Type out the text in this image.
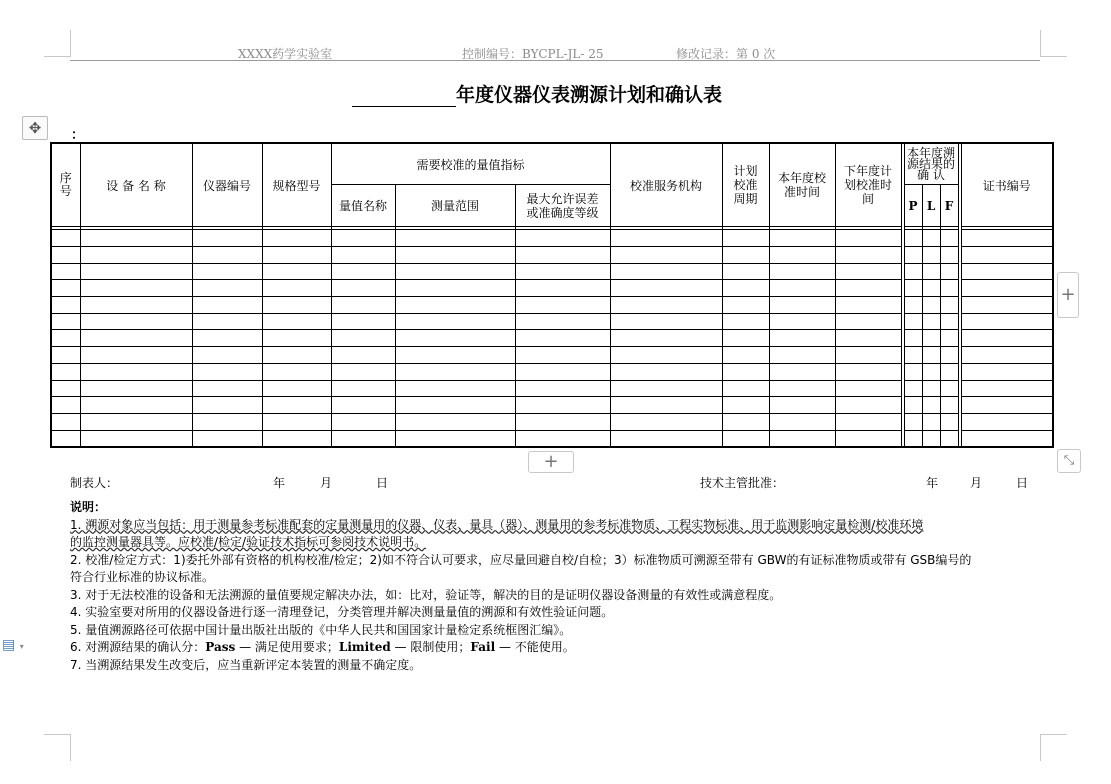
XXXX药学实验室	控制编号：BYCPL-JL- 25	修改记录：第 0 次
年度仪器仪表溯源计划和确认表
✥	：
序号	设 备 名 称	仪器编号	规格型号	需要校准的量值指标			校准服务机构	计划校准周期	本年度校准时间	下年度计划校准时 间		本年度溯源结果的确 认				证书编号
				量值名称	测量范围	最大允许误差或准确度等级						P	L	F		

+
+	⤡
▤ ▾
制表人：	年	月	日	技术主管批准：	年	月	日
说明：
1. 溯源对象应当包括：用于测量参考标准配套的定量测量用的仪器、仪表、量具（器）、测量用的参考标准物质、工程实物标准、用于监测影响定量检测/校准环境
的监控测量器具等。应校准/检定/验证技术指标可参阅技术说明书。
2. 校准/检定方式：1)委托外部有资格的机构校准/检定；2)如不符合认可要求，应尽量回避自校/自检；3）标准物质可溯源至带有 GBW的有证标准物质或带有 GSB编号的
符合行业标准的协议标准。
3. 对于无法校准的设备和无法溯源的量值要规定解决办法，如：比对，验证等，解决的目的是证明仪器设备测量的有效性或满意程度。
4. 实验室要对所用的仪器设备进行逐一清理登记，分类管理并解决测量量值的溯源和有效性验证问题。
5. 量值溯源路径可依据中国计量出版社出版的《中华人民共和国国家计量检定系统框图汇编》。
6. 对溯源结果的确认分：Pass — 满足使用要求；Limited — 限制使用；Fail — 不能使用。
7. 当溯源结果发生改变后，应当重新评定本装置的测量不确定度。
